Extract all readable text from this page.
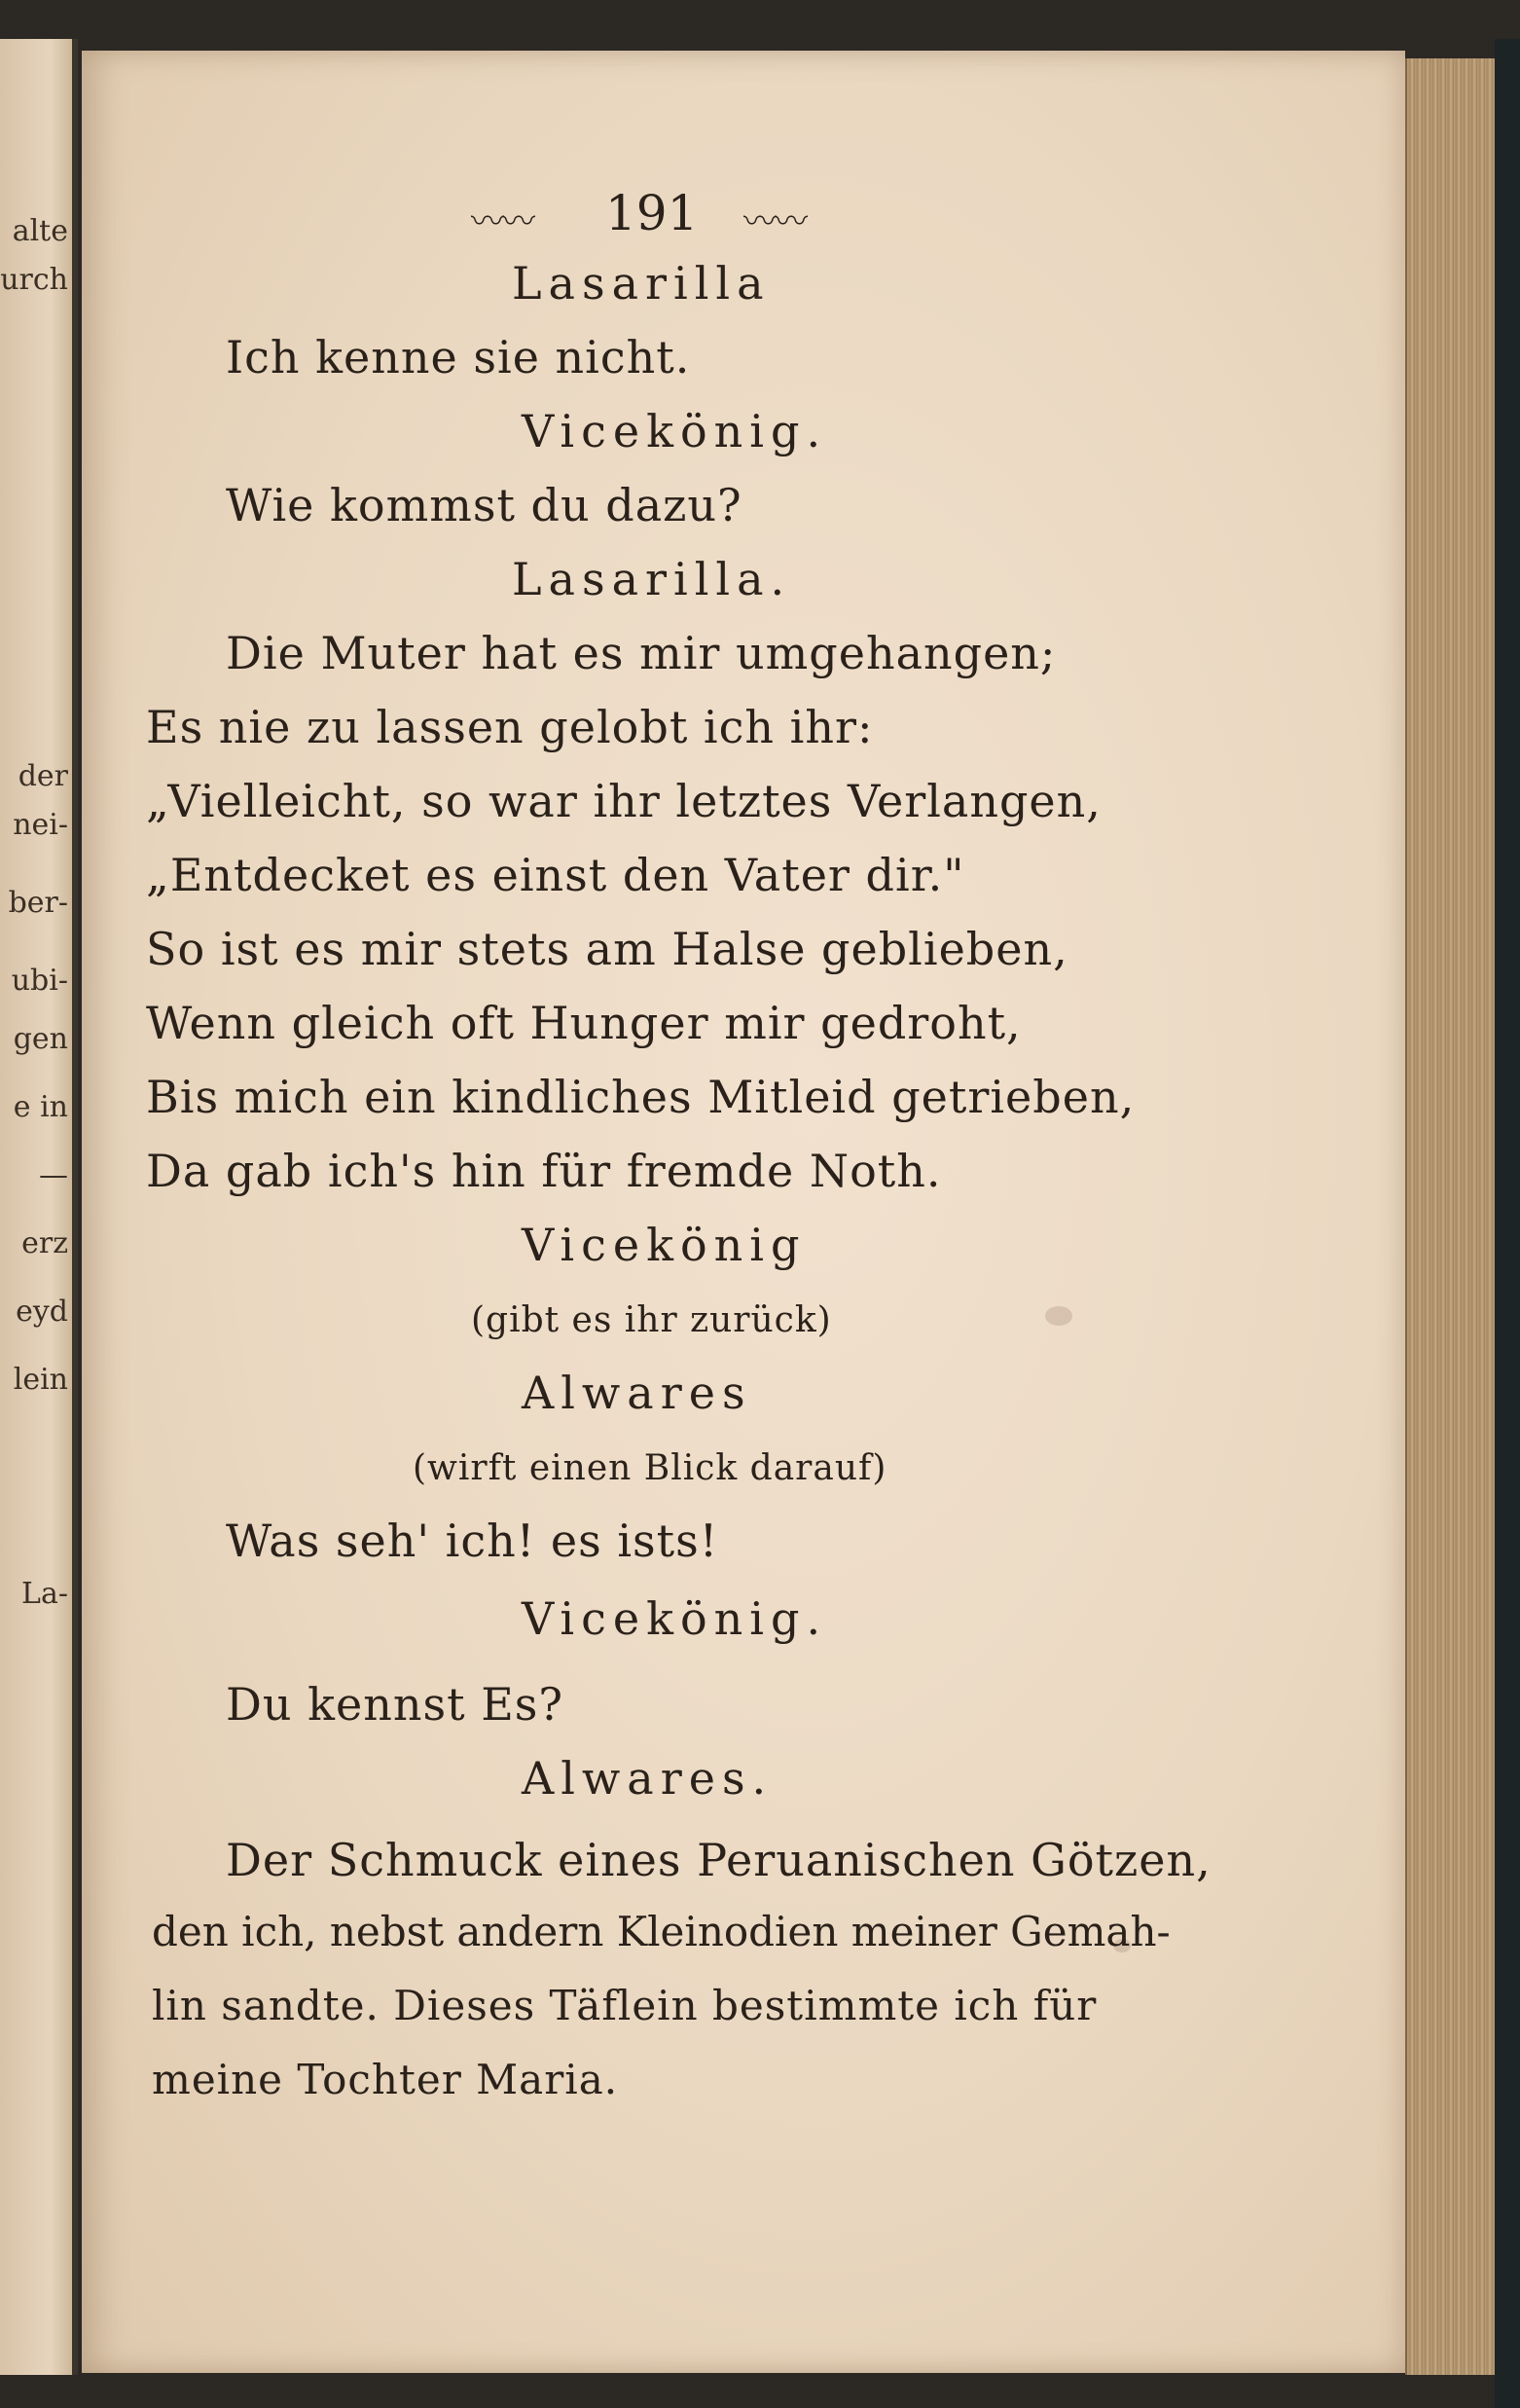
alte
urch
der
nei-
ber-
ubi-
gen
e in
—
erz
eyd
lein
La-
〰〰 191 〰〰
Lasarilla
Ich kenne sie nicht.
Vicekönig.
Wie kommst du dazu?
Lasarilla.
Die Muter hat es mir umgehangen;
Es nie zu lassen gelobt ich ihr:
„Vielleicht, so war ihr letztes Verlangen,
„Entdecket es einst den Vater dir."
So ist es mir stets am Halse geblieben,
Wenn gleich oft Hunger mir gedroht,
Bis mich ein kindliches Mitleid getrieben,
Da gab ich's hin für fremde Noth.
Vicekönig
(gibt es ihr zurück)
Alwares
(wirft einen Blick darauf)
Was seh' ich! es ists!
Vicekönig.
Du kennst Es?
Alwares.
Der Schmuck eines Peruanischen Götzen,
den ich, nebst andern Kleinodien meiner Gemah-
lin sandte. Dieses Täflein bestimmte ich für
meine Tochter Maria.
